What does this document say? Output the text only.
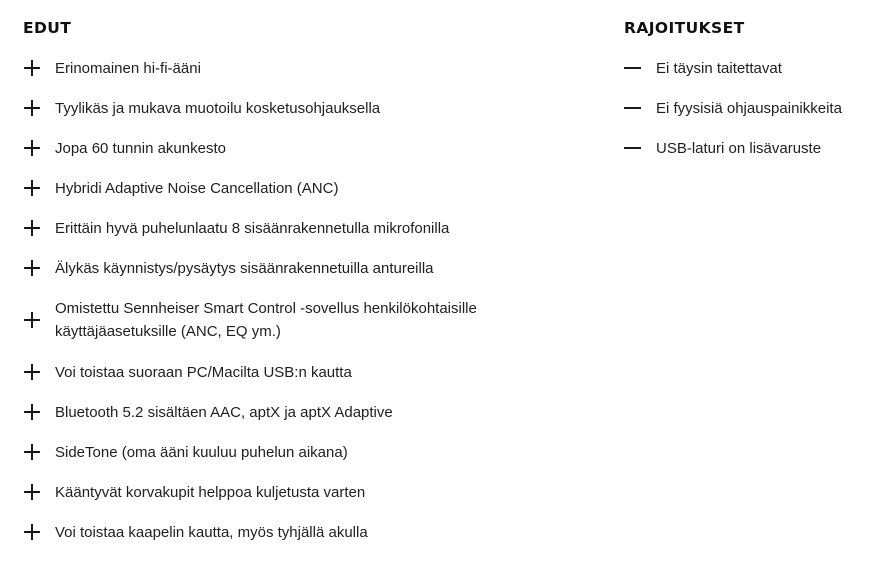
EDUT
Erinomainen hi-fi-ääni
Tyylikäs ja mukava muotoilu kosketusohjauksella
Jopa 60 tunnin akunkesto
Hybridi Adaptive Noise Cancellation (ANC)
Erittäin hyvä puhelunlaatu 8 sisäänrakennetulla mikrofonilla
Älykäs käynnistys/pysäytys sisäänrakennetuilla antureilla
Omistettu Sennheiser Smart Control -sovellus henkilökohtaisille käyttäjäasetuksille (ANC, EQ ym.)
Voi toistaa suoraan PC/Macilta USB:n kautta
Bluetooth 5.2 sisältäen AAC, aptX ja aptX Adaptive
SideTone (oma ääni kuuluu puhelun aikana)
Kääntyvät korvakupit helppoa kuljetusta varten
Voi toistaa kaapelin kautta, myös tyhjällä akulla
RAJOITUKSET
Ei täysin taitettavat
Ei fyysisiä ohjauspainikkeita
USB-laturi on lisävaruste
